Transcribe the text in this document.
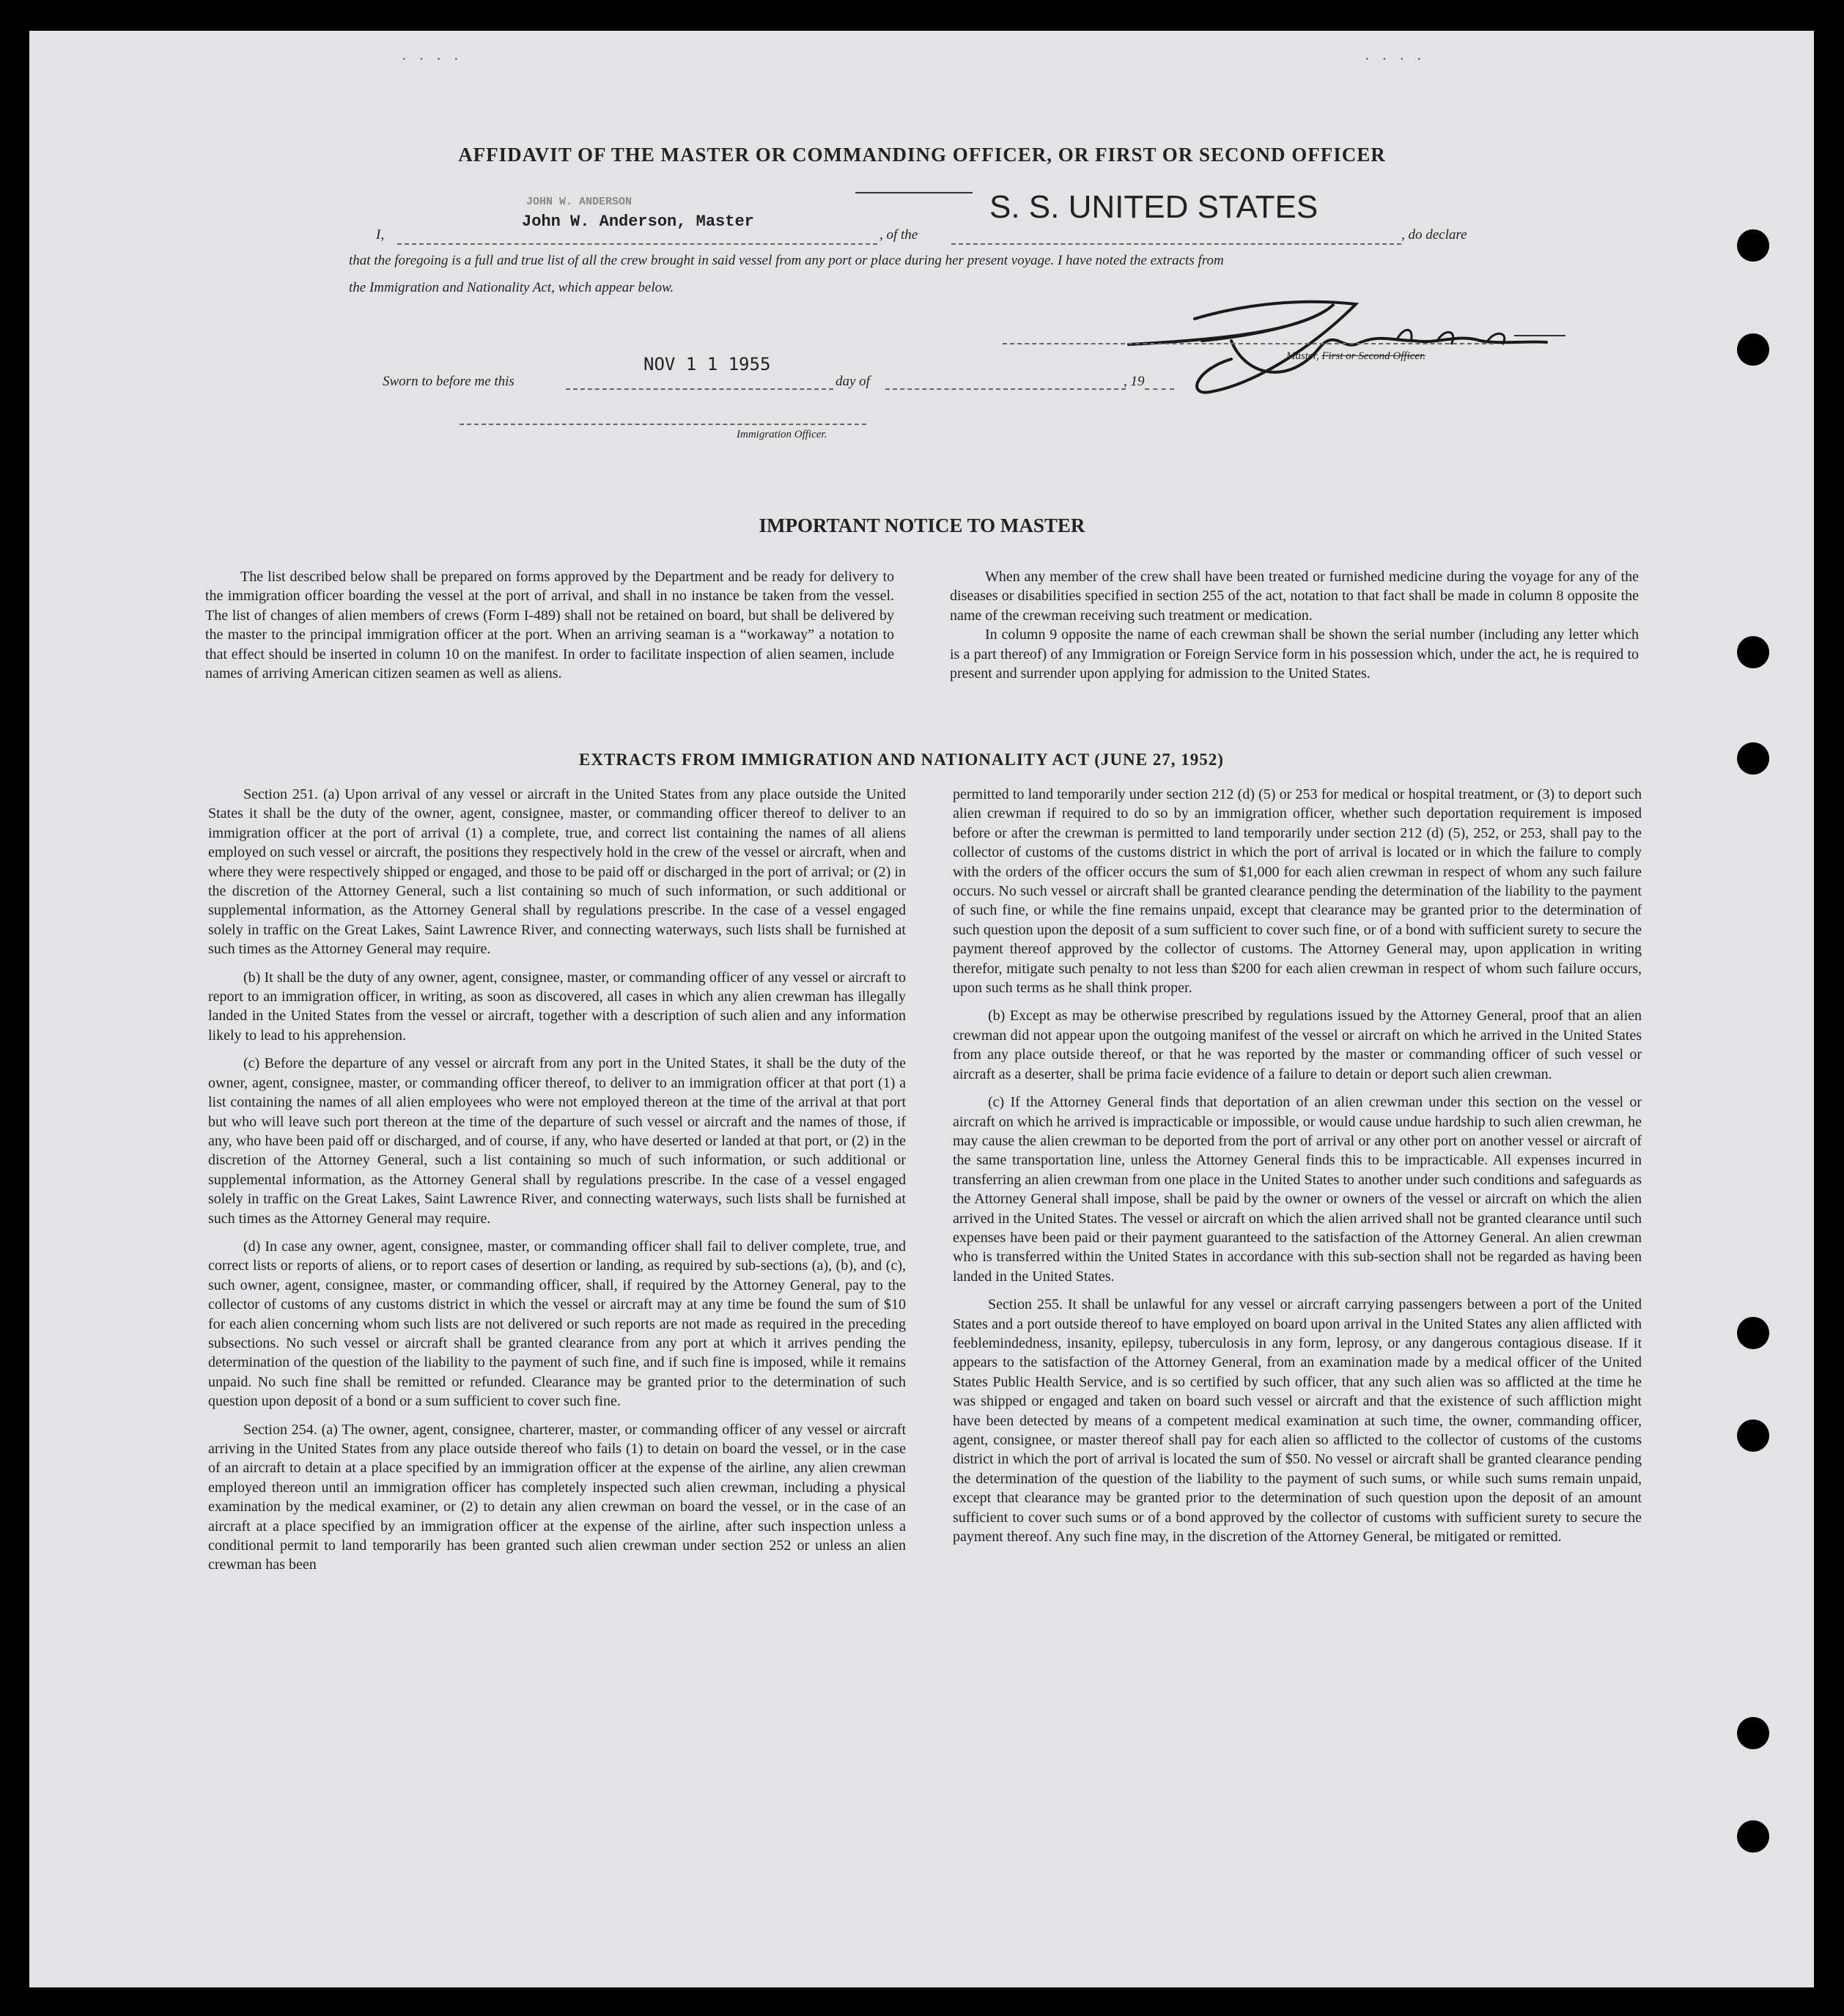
· · · ·	· · · ·
AFFIDAVIT OF THE MASTER OR COMMANDING OFFICER, OR FIRST OR SECOND OFFICER
I,
JOHN W. ANDERSON
John W. Anderson, Master
, of the
S. S. UNITED STATES
, do declare
that the foregoing is a full and true list of all the crew brought in said vessel from any port or place during her present voyage. I have noted the extracts from
the Immigration and Nationality Act, which appear below.
Master, First or Second Officer.
Sworn to before me this
NOV 1 1 1955
day of	, 19
Immigration Officer.
IMPORTANT NOTICE TO MASTER

The list described below shall be prepared on forms approved by the Department and be ready for delivery to the immigration officer boarding the vessel at the port of arrival, and shall in no instance be taken from the vessel. The list of changes of alien members of crews (Form I-489) shall not be retained on board, but shall be delivered by the master to the principal immigration officer at the port. When an arriving seaman is a “workaway” a notation to that effect should be inserted in column 10 on the manifest. In order to facilitate inspection of alien seamen, include names of arriving American citizen seamen as well as aliens.

When any member of the crew shall have been treated or furnished medicine during the voyage for any of the diseases or disabilities specified in section 255 of the act, notation to that fact shall be made in column 8 opposite the name of the crewman receiving such treatment or medication.

In column 9 opposite the name of each crewman shall be shown the serial number (including any letter which is a part thereof) of any Immigration or Foreign Service form in his possession which, under the act, he is required to present and surrender upon applying for admission to the United States.

EXTRACTS FROM IMMIGRATION AND NATIONALITY ACT (JUNE 27, 1952)

Section 251. (a) Upon arrival of any vessel or aircraft in the United States from any place outside the United States it shall be the duty of the owner, agent, consignee, master, or commanding officer thereof to deliver to an immigration officer at the port of arrival (1) a complete, true, and correct list containing the names of all aliens employed on such vessel or aircraft, the positions they respectively hold in the crew of the vessel or aircraft, when and where they were respectively shipped or engaged, and those to be paid off or discharged in the port of arrival; or (2) in the discretion of the Attorney General, such a list containing so much of such information, or such additional or supplemental information, as the Attorney General shall by regulations prescribe. In the case of a vessel engaged solely in traffic on the Great Lakes, Saint Lawrence River, and connecting waterways, such lists shall be furnished at such times as the Attorney General may require.

(b) It shall be the duty of any owner, agent, consignee, master, or commanding officer of any vessel or aircraft to report to an immigration officer, in writing, as soon as discovered, all cases in which any alien crewman has illegally landed in the United States from the vessel or aircraft, together with a description of such alien and any information likely to lead to his apprehension.

(c) Before the departure of any vessel or aircraft from any port in the United States, it shall be the duty of the owner, agent, consignee, master, or commanding officer thereof, to deliver to an immigration officer at that port (1) a list containing the names of all alien employees who were not employed thereon at the time of the arrival at that port but who will leave such port thereon at the time of the departure of such vessel or aircraft and the names of those, if any, who have been paid off or discharged, and of course, if any, who have deserted or landed at that port, or (2) in the discretion of the Attorney General, such a list containing so much of such information, or such additional or supplemental information, as the Attorney General shall by regulations prescribe. In the case of a vessel engaged solely in traffic on the Great Lakes, Saint Lawrence River, and connecting waterways, such lists shall be furnished at such times as the Attorney General may require.

(d) In case any owner, agent, consignee, master, or commanding officer shall fail to deliver complete, true, and correct lists or reports of aliens, or to report cases of desertion or landing, as required by sub-sections (a), (b), and (c), such owner, agent, consignee, master, or commanding officer, shall, if required by the Attorney General, pay to the collector of customs of any customs district in which the vessel or aircraft may at any time be found the sum of $10 for each alien concerning whom such lists are not delivered or such reports are not made as required in the preceding subsections. No such vessel or aircraft shall be granted clearance from any port at which it arrives pending the determination of the question of the liability to the payment of such fine, and if such fine is imposed, while it remains unpaid. No such fine shall be remitted or refunded. Clearance may be granted prior to the determination of such question upon deposit of a bond or a sum sufficient to cover such fine.

Section 254. (a) The owner, agent, consignee, charterer, master, or commanding officer of any vessel or aircraft arriving in the United States from any place outside thereof who fails (1) to detain on board the vessel, or in the case of an aircraft to detain at a place specified by an immigration officer at the expense of the airline, any alien crewman employed thereon until an immigration officer has completely inspected such alien crewman, including a physical examination by the medical examiner, or (2) to detain any alien crewman on board the vessel, or in the case of an aircraft at a place specified by an immigration officer at the expense of the airline, after such inspection unless a conditional permit to land temporarily has been granted such alien crewman under section 252 or unless an alien crewman has been

permitted to land temporarily under section 212 (d) (5) or 253 for medical or hospital treatment, or (3) to deport such alien crewman if required to do so by an immigration officer, whether such deportation requirement is imposed before or after the crewman is permitted to land temporarily under section 212 (d) (5), 252, or 253, shall pay to the collector of customs of the customs district in which the port of arrival is located or in which the failure to comply with the orders of the officer occurs the sum of $1,000 for each alien crewman in respect of whom any such failure occurs. No such vessel or aircraft shall be granted clearance pending the determination of the liability to the payment of such fine, or while the fine remains unpaid, except that clearance may be granted prior to the determination of such question upon the deposit of a sum sufficient to cover such fine, or of a bond with sufficient surety to secure the payment thereof approved by the collector of customs. The Attorney General may, upon application in writing therefor, mitigate such penalty to not less than $200 for each alien crewman in respect of whom such failure occurs, upon such terms as he shall think proper.

(b) Except as may be otherwise prescribed by regulations issued by the Attorney General, proof that an alien crewman did not appear upon the outgoing manifest of the vessel or aircraft on which he arrived in the United States from any place outside thereof, or that he was reported by the master or commanding officer of such vessel or aircraft as a deserter, shall be prima facie evidence of a failure to detain or deport such alien crewman.

(c) If the Attorney General finds that deportation of an alien crewman under this section on the vessel or aircraft on which he arrived is impracticable or impossible, or would cause undue hardship to such alien crewman, he may cause the alien crewman to be deported from the port of arrival or any other port on another vessel or aircraft of the same transportation line, unless the Attorney General finds this to be impracticable. All expenses incurred in transferring an alien crewman from one place in the United States to another under such conditions and safeguards as the Attorney General shall impose, shall be paid by the owner or owners of the vessel or aircraft on which the alien arrived in the United States. The vessel or aircraft on which the alien arrived shall not be granted clearance until such expenses have been paid or their payment guaranteed to the satisfaction of the Attorney General. An alien crewman who is transferred within the United States in accordance with this sub-section shall not be regarded as having been landed in the United States.

Section 255. It shall be unlawful for any vessel or aircraft carrying passengers between a port of the United States and a port outside thereof to have employed on board upon arrival in the United States any alien afflicted with feeblemindedness, insanity, epilepsy, tuberculosis in any form, leprosy, or any dangerous contagious disease. If it appears to the satisfaction of the Attorney General, from an examination made by a medical officer of the United States Public Health Service, and is so certified by such officer, that any such alien was so afflicted at the time he was shipped or engaged and taken on board such vessel or aircraft and that the existence of such affliction might have been detected by means of a competent medical examination at such time, the owner, commanding officer, agent, consignee, or master thereof shall pay for each alien so afflicted to the collector of customs of the customs district in which the port of arrival is located the sum of $50. No vessel or aircraft shall be granted clearance pending the determination of the question of the liability to the payment of such sums, or while such sums remain unpaid, except that clearance may be granted prior to the determination of such question upon the deposit of an amount sufficient to cover such sums or of a bond approved by the collector of customs with sufficient surety to secure the payment thereof. Any such fine may, in the discretion of the Attorney General, be mitigated or remitted.
